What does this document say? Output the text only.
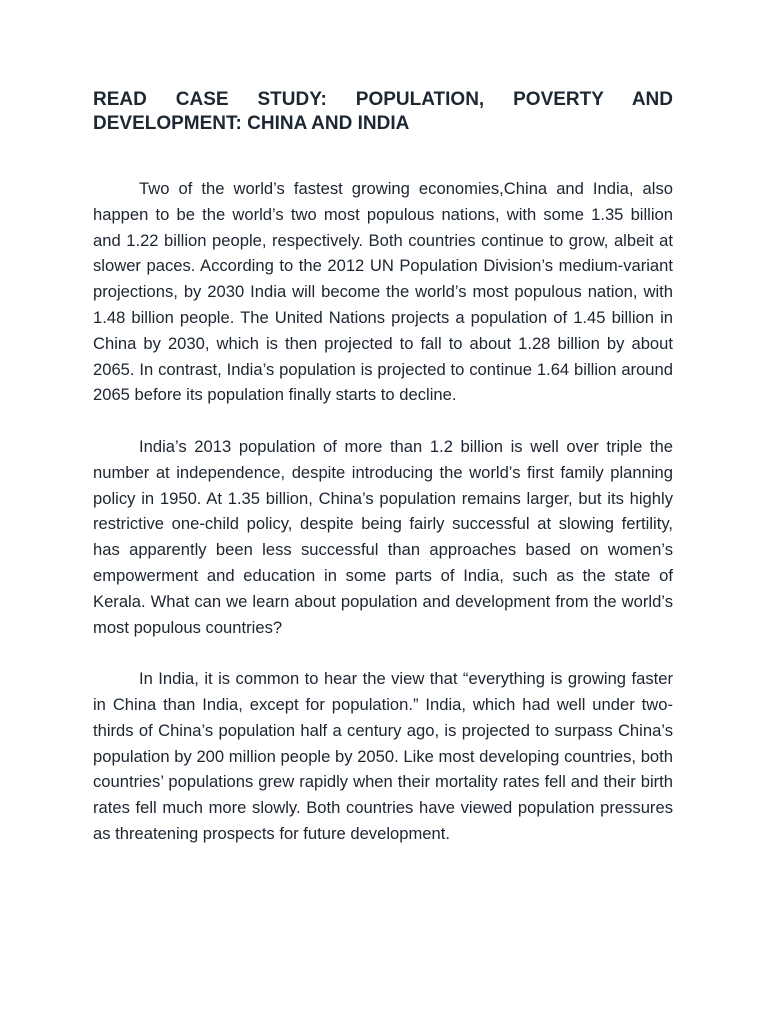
READ CASE STUDY: POPULATION, POVERTY AND DEVELOPMENT: CHINA AND INDIA

Two of the world’s fastest growing economies,China and India, also happen to be the world’s two most populous nations, with some 1.35 billion and 1.22 billion people, respectively. Both countries continue to grow, albeit at slower paces. According to the 2012 UN Population Division’s medium-variant projections, by 2030 India will become the world’s most populous nation, with 1.48 billion people. The United Nations projects a population of 1.45 billion in China by 2030, which is then projected to fall to about 1.28 billion by about 2065. In contrast, India’s population is projected to continue 1.64 billion around 2065 before its population finally starts to decline.

India’s 2013 population of more than 1.2 billion is well over triple the number at independence, despite introducing the world’s first family planning policy in 1950. At 1.35 billion, China’s population remains larger, but its highly restrictive one-child policy, despite being fairly successful at slowing fertility, has apparently been less successful than approaches based on women’s empowerment and education in some parts of India, such as the state of Kerala. What can we learn about population and development from the world’s most populous countries?

In India, it is common to hear the view that “everything is growing faster in China than India, except for population.” India, which had well under two-thirds of China’s population half a century ago, is projected to surpass China’s population by 200 million people by 2050. Like most developing countries, both countries’ populations grew rapidly when their mortality rates fell and their birth rates fell much more slowly. Both countries have viewed population pressures as threatening prospects for future development.
